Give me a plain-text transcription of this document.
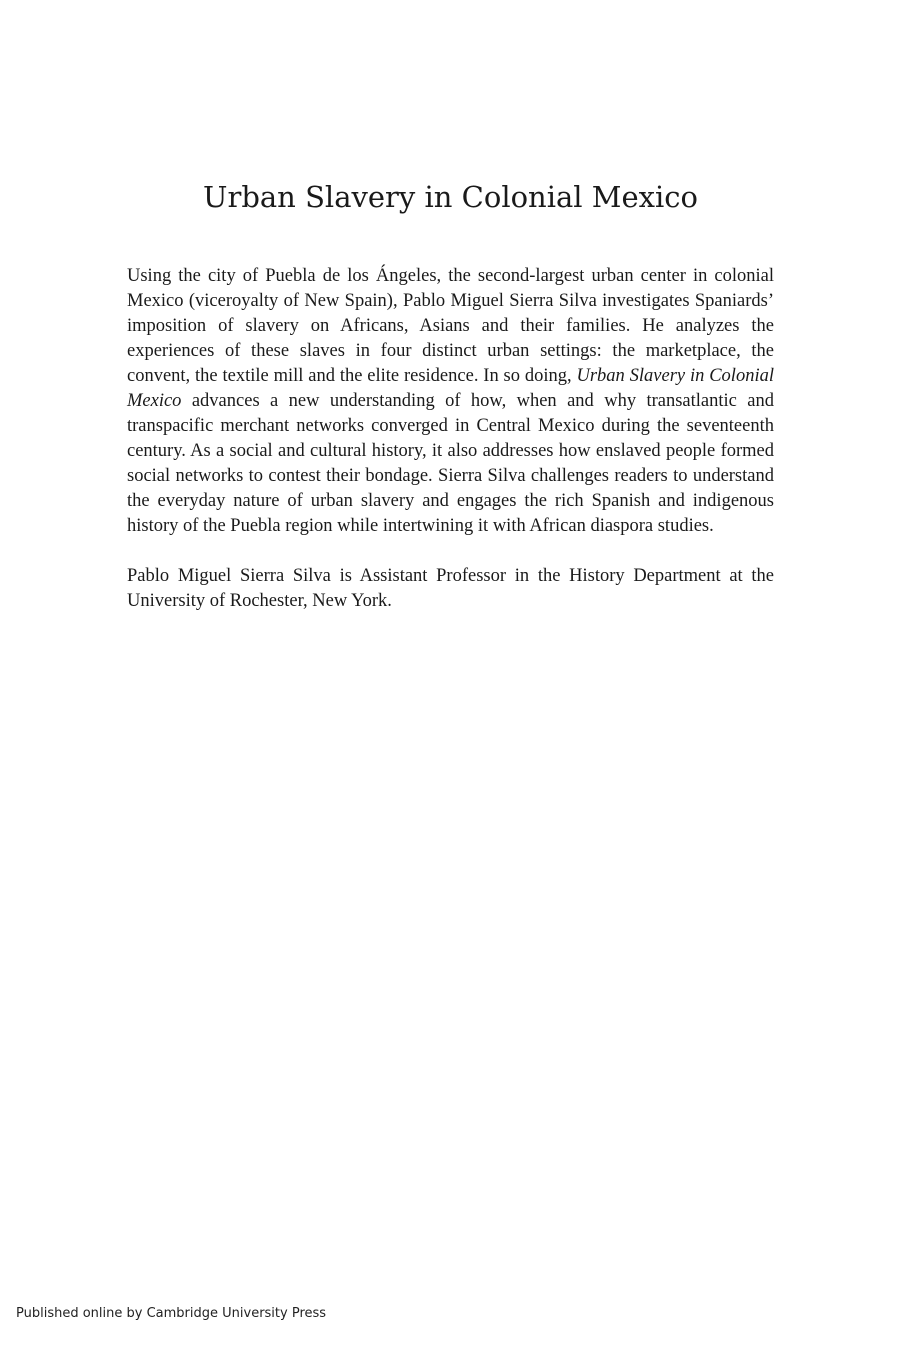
Urban Slavery in Colonial Mexico

Using the city of Puebla de los Ángeles, the second-largest urban center in colonial Mexico (viceroyalty of New Spain), Pablo Miguel Sierra Silva investigates Spaniards’ imposition of slavery on Africans, Asians and their families. He analyzes the experiences of these slaves in four distinct urban settings: the marketplace, the convent, the textile mill and the elite residence. In so doing, Urban Slavery in Colonial Mexico advances a new understanding of how, when and why transatlantic and transpacific merchant networks converged in Central Mexico during the seventeenth century. As a social and cultural history, it also addresses how enslaved people formed social networks to contest their bondage. Sierra Silva challenges readers to understand the everyday nature of urban slavery and engages the rich Spanish and indigenous history of the Puebla region while intertwining it with African diaspora studies.

Pablo Miguel Sierra Silva is Assistant Professor in the History Department at the University of Rochester, New York.

Published online by Cambridge University Press
